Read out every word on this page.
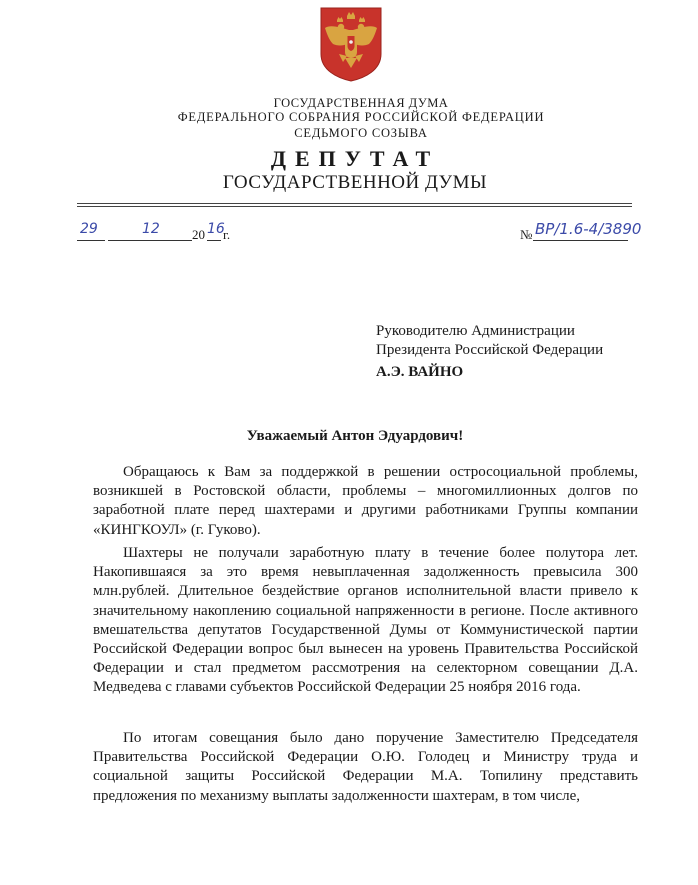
ГОСУДАРСТВЕННАЯ ДУМА
ФЕДЕРАЛЬНОГО СОБРАНИЯ РОССИЙСКОЙ ФЕДЕРАЦИИ
СЕДЬМОГО СОЗЫВА
ДЕПУТАТ
ГОСУДАРСТВЕННОЙ ДУМЫ
29	12 20 16
г.	№ ВР/1.6-4/3890
Руководителю Администрации
Президента Российской Федерации
А.Э. ВАЙНО
Уважаемый Антон Эдуардович!

Обращаюсь к Вам за поддержкой в решении остросоциальной проблемы, возникшей в Ростовской области, проблемы – многомиллионных долгов по заработной плате перед шахтерами и другими работниками Группы компании «КИНГКОУЛ» (г. Гуково).

Шахтеры не получали заработную плату в течение более полутора лет. Накопившаяся за это время невыплаченная задолженность превысила 300 млн.рублей. Длительное бездействие органов исполнительной власти привело к значительному накоплению социальной напряженности в регионе. После активного вмешательства депутатов Государственной Думы от Коммунистической партии Российской Федерации вопрос был вынесен на уровень Правительства Российской Федерации и стал предметом рассмотрения на селекторном совещании Д.А. Медведева с главами субъектов Российской Федерации 25 ноября 2016 года.

По итогам совещания было дано поручение Заместителю Председателя Правительства Российской Федерации О.Ю. Голодец и Министру труда и социальной защиты Российской Федерации М.А. Топилину представить предложения по механизму выплаты задолженности шахтерам, в том числе,
